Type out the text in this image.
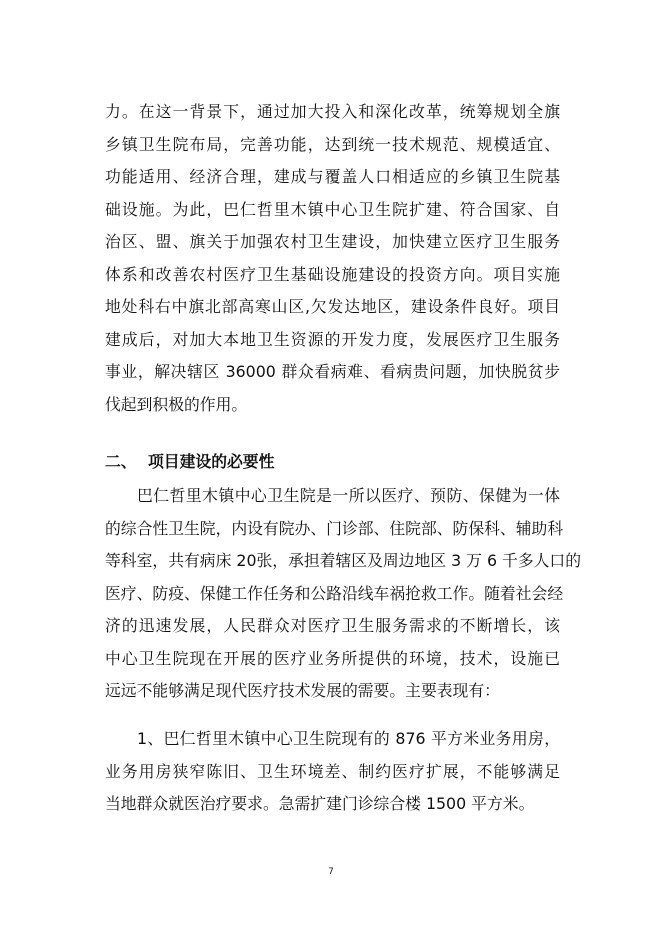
力。在这一背景下，通过加大投入和深化改革，统筹规划全旗
乡镇卫生院布局，完善功能，达到统一技术规范、规模适宜、
功能适用、经济合理，建成与覆盖人口相适应的乡镇卫生院基
础设施。为此，巴仁哲里木镇中心卫生院扩建、符合国家、自
治区、盟、旗关于加强农村卫生建设，加快建立医疗卫生服务
体系和改善农村医疗卫生基础设施建设的投资方向。项目实施
地处科右中旗北部高寒山区,欠发达地区，建设条件良好。项目
建成后，对加大本地卫生资源的开发力度，发展医疗卫生服务
事业，解决辖区 36000 群众看病难、看病贵问题，加快脱贫步
伐起到积极的作用。
二、 项目建设的必要性
巴仁哲里木镇中心卫生院是一所以医疗、预防、保健为一体
的综合性卫生院，内设有院办、门诊部、住院部、防保科、辅助科
等科室，共有病床 20张，承担着辖区及周边地区 3 万 6 千多人口的
医疗、防疫、保健工作任务和公路沿线车祸抢救工作。随着社会经
济的迅速发展，人民群众对医疗卫生服务需求的不断增长，该
中心卫生院现在开展的医疗业务所提供的环境，技术，设施已
远远不能够满足现代医疗技术发展的需要。主要表现有：
1、巴仁哲里木镇中心卫生院现有的 876 平方米业务用房，
业务用房狭窄陈旧、卫生环境差、制约医疗扩展，不能够满足
当地群众就医治疗要求。急需扩建门诊综合楼 1500 平方米。
7
